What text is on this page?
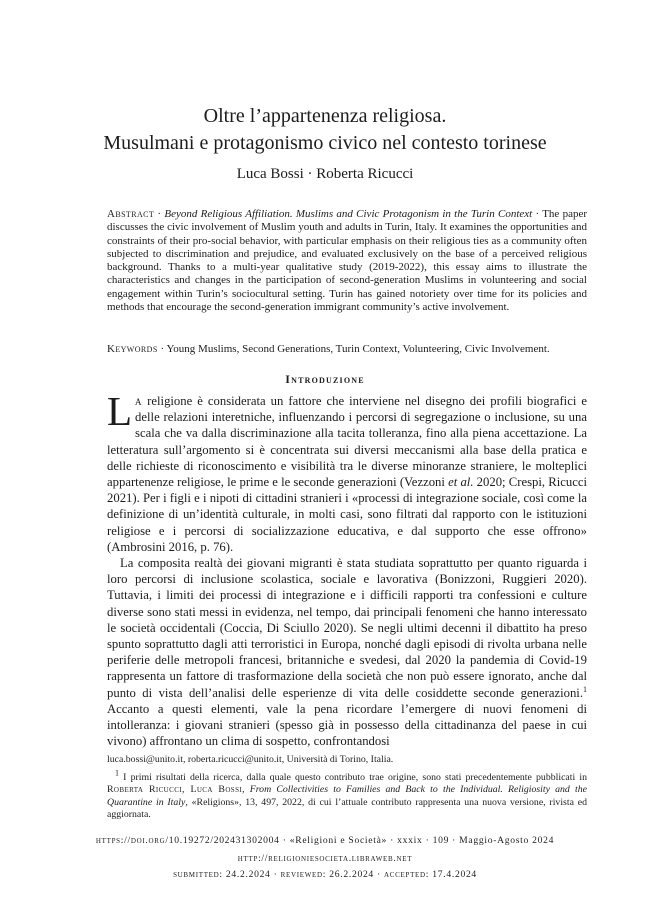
Oltre l’appartenenza religiosa.
Musulmani e protagonismo civico nel contesto torinese

Luca Bossi · Roberta Ricucci

Abstract · Beyond Religious Affiliation. Muslims and Civic Protagonism in the Turin Context · The paper discusses the civic involvement of Muslim youth and adults in Turin, Italy. It examines the opportunities and constraints of their pro-social behavior, with particular emphasis on their religious ties as a community often subjected to discrimination and prejudice, and evaluated exclusively on the base of a perceived religious background. Thanks to a multi-year qualitative study (2019-2022), this essay aims to illustrate the characteristics and changes in the participation of second-generation Muslims in volunteering and social engagement within Turin’s sociocultural setting. Turin has gained notoriety over time for its policies and methods that encourage the second-generation immigrant community’s active involvement.

Keywords · Young Muslims, Second Generations, Turin Context, Volunteering, Civic Involvement.

Introduzione

La religione è considerata un fattore che interviene nel disegno dei profili biografici e delle relazioni interetniche, influenzando i percorsi di segregazione o inclusione, su una scala che va dalla discriminazione alla tacita tolleranza, fino alla piena accettazione. La letteratura sull’argomento si è concentrata sui diversi meccanismi alla base della pratica e delle richieste di riconoscimento e visibilità tra le diverse minoranze straniere, le molteplici appartenenze religiose, le prime e le seconde generazioni (Vezzoni et al. 2020; Crespi, Ricucci 2021). Per i figli e i nipoti di cittadini stranieri i «processi di integrazione sociale, così come la definizione di un’identità culturale, in molti casi, sono filtrati dal rapporto con le istituzioni religiose e i percorsi di socializzazione educativa, e dal supporto che esse offrono» (Ambrosini 2016, p. 76).

La composita realtà dei giovani migranti è stata studiata soprattutto per quanto riguarda i loro percorsi di inclusione scolastica, sociale e lavorativa (Bonizzoni, Ruggieri 2020). Tuttavia, i limiti dei processi di integrazione e i difficili rapporti tra confessioni e culture diverse sono stati messi in evidenza, nel tempo, dai principali fenomeni che hanno interessato le società occidentali (Coccia, Di Sciullo 2020). Se negli ultimi decenni il dibattito ha preso spunto soprattutto dagli atti terroristici in Europa, nonché dagli episodi di rivolta urbana nelle periferie delle metropoli francesi, britanniche e svedesi, dal 2020 la pandemia di Covid-19 rappresenta un fattore di trasformazione della società che non può essere ignorato, anche dal punto di vista dell’analisi delle esperienze di vita delle cosiddette seconde generazioni.$^1$ Accanto a questi elementi, vale la pena ricordare l’emergere di nuovi fenomeni di intolleranza: i giovani stranieri (spesso già in possesso della cittadinanza del paese in cui vivono) affrontano un clima di sospetto, confrontandosi

luca.bossi@unito.it, roberta.ricucci@unito.it, Università di Torino, Italia.

$^1$ I primi risultati della ricerca, dalla quale questo contributo trae origine, sono stati precedentemente pubblicati in Roberta Ricucci, Luca Bossi, From Collectivities to Families and Back to the Individual. Religiosity and the Quarantine in Italy, «Religions», 13, 497, 2022, di cui l’attuale contributo rappresenta una nuova versione, rivista ed aggiornata.

https://doi.org/10.19272/202431302004 · «Religioni e Società» · xxxix · 109 · Maggio-Agosto 2024

http://religioniesocieta.libraweb.net

submitted: 24.2.2024 · reviewed: 26.2.2024 · accepted: 17.4.2024
